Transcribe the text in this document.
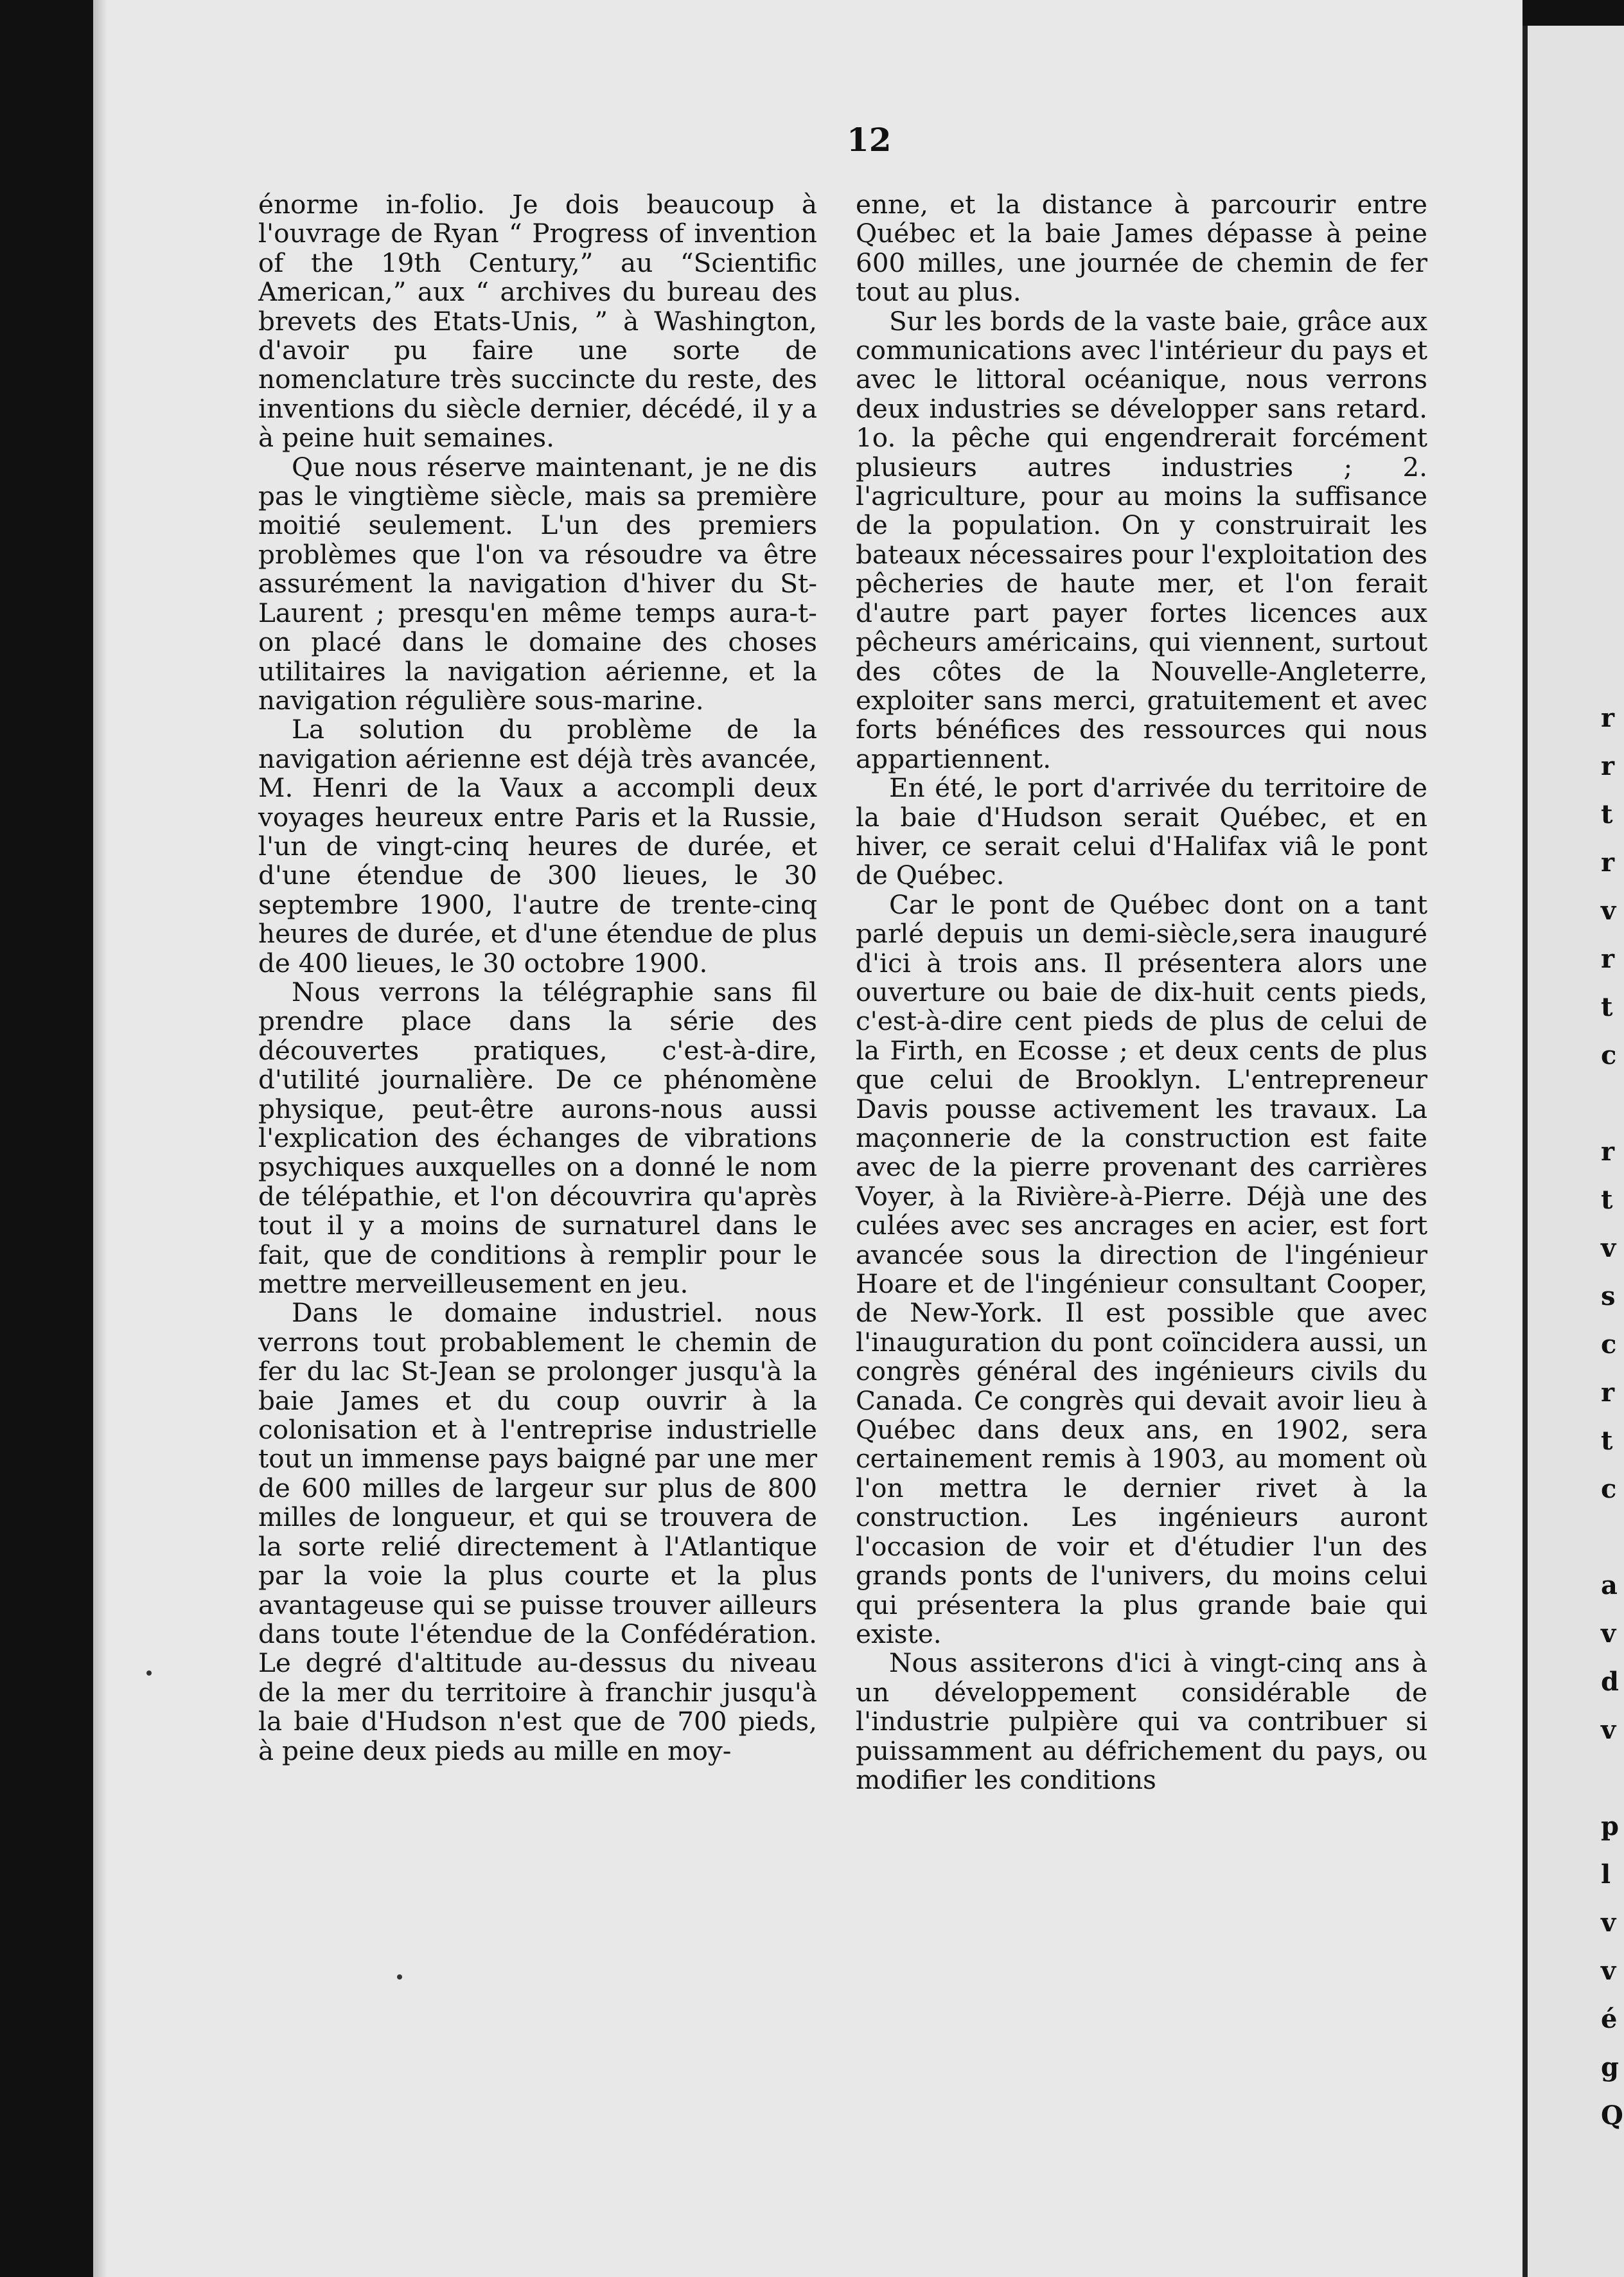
r
r
t
r
v
r
t
c

r
t
v
s
c
r
t
c

a
v
d
v

p
l
v
v
é
g
Q
12

énorme in-folio. Je dois beaucoup à l'ouvrage de Ryan “ Progress of invention of the 19th Century,” au “Scientific American,” aux “ archives du bureau des brevets des Etats-Unis, ” à Washington, d'avoir pu faire une sorte de nomenclature très succincte du reste, des inventions du siècle dernier, décédé, il y a à peine huit semaines.

Que nous réserve maintenant, je ne dis pas le vingtième siècle, mais sa première moitié seulement. L'un des premiers problèmes que l'on va résoudre va être assurément la navigation d'hiver du St-Laurent ; presqu'en même temps aura-t-on placé dans le domaine des choses utilitaires la navigation aérienne, et la navigation régulière sous-marine.

La solution du problème de la navigation aérienne est déjà très avancée, M. Henri de la Vaux a accompli deux voyages heureux entre Paris et la Russie, l'un de vingt-cinq heures de durée, et d'une étendue de 300 lieues, le 30 septembre 1900, l'autre de trente-cinq heures de durée, et d'une étendue de plus de 400 lieues, le 30 octobre 1900.

Nous verrons la télégraphie sans fil prendre place dans la série des découvertes pratiques, c'est-à-dire, d'utilité journalière. De ce phénomène physique, peut-être aurons-nous aussi l'explication des échanges de vibrations psychiques auxquelles on a donné le nom de télépathie, et l'on découvrira qu'après tout il y a moins de surnaturel dans le fait, que de conditions à remplir pour le mettre merveilleusement en jeu.

Dans le domaine industriel. nous verrons tout probablement le chemin de fer du lac St-Jean se prolonger jusqu'à la baie James et du coup ouvrir à la colonisation et à l'entreprise industrielle tout un immense pays baigné par une mer de 600 milles de largeur sur plus de 800 milles de longueur, et qui se trouvera de la sorte relié directement à l'Atlantique par la voie la plus courte et la plus avantageuse qui se puisse trouver ailleurs dans toute l'étendue de la Confédération. Le degré d'altitude au-dessus du niveau de la mer du territoire à franchir jusqu'à la baie d'Hudson n'est que de 700 pieds, à peine deux pieds au mille en moy-

enne, et la distance à parcourir entre Québec et la baie James dépasse à peine 600 milles, une journée de chemin de fer tout au plus.

Sur les bords de la vaste baie, grâce aux communications avec l'intérieur du pays et avec le littoral océanique, nous verrons deux industries se développer sans retard. 1o. la pêche qui engendrerait forcément plusieurs autres industries ; 2. l'agriculture, pour au moins la suffisance de la population. On y construirait les bateaux nécessaires pour l'exploitation des pêcheries de haute mer, et l'on ferait d'autre part payer fortes licences aux pêcheurs américains, qui viennent, surtout des côtes de la Nouvelle-Angleterre, exploiter sans merci, gratuitement et avec forts bénéfices des ressources qui nous appartiennent.

En été, le port d'arrivée du territoire de la baie d'Hudson serait Québec, et en hiver, ce serait celui d'Halifax viâ le pont de Québec.

Car le pont de Québec dont on a tant parlé depuis un demi-siècle,sera inauguré d'ici à trois ans. Il présentera alors une ouverture ou baie de dix-huit cents pieds, c'est-à-dire cent pieds de plus de celui de la Firth, en Ecosse ; et deux cents de plus que celui de Brooklyn. L'entrepreneur Davis pousse activement les travaux. La maçonnerie de la construction est faite avec de la pierre provenant des carrières Voyer, à la Rivière-à-Pierre. Déjà une des culées avec ses ancrages en acier, est fort avancée sous la direction de l'ingénieur Hoare et de l'ingénieur consultant Cooper, de New-York. Il est possible que avec l'inauguration du pont coïncidera aussi, un congrès général des ingénieurs civils du Canada. Ce congrès qui devait avoir lieu à Québec dans deux ans, en 1902, sera certainement remis à 1903, au moment où l'on mettra le dernier rivet à la construction. Les ingénieurs auront l'occasion de voir et d'étudier l'un des grands ponts de l'univers, du moins celui qui présentera la plus grande baie qui existe.

Nous assiterons d'ici à vingt-cinq ans à un développement considérable de l'industrie pulpière qui va contribuer si puissamment au défrichement du pays, ou modifier les conditions
